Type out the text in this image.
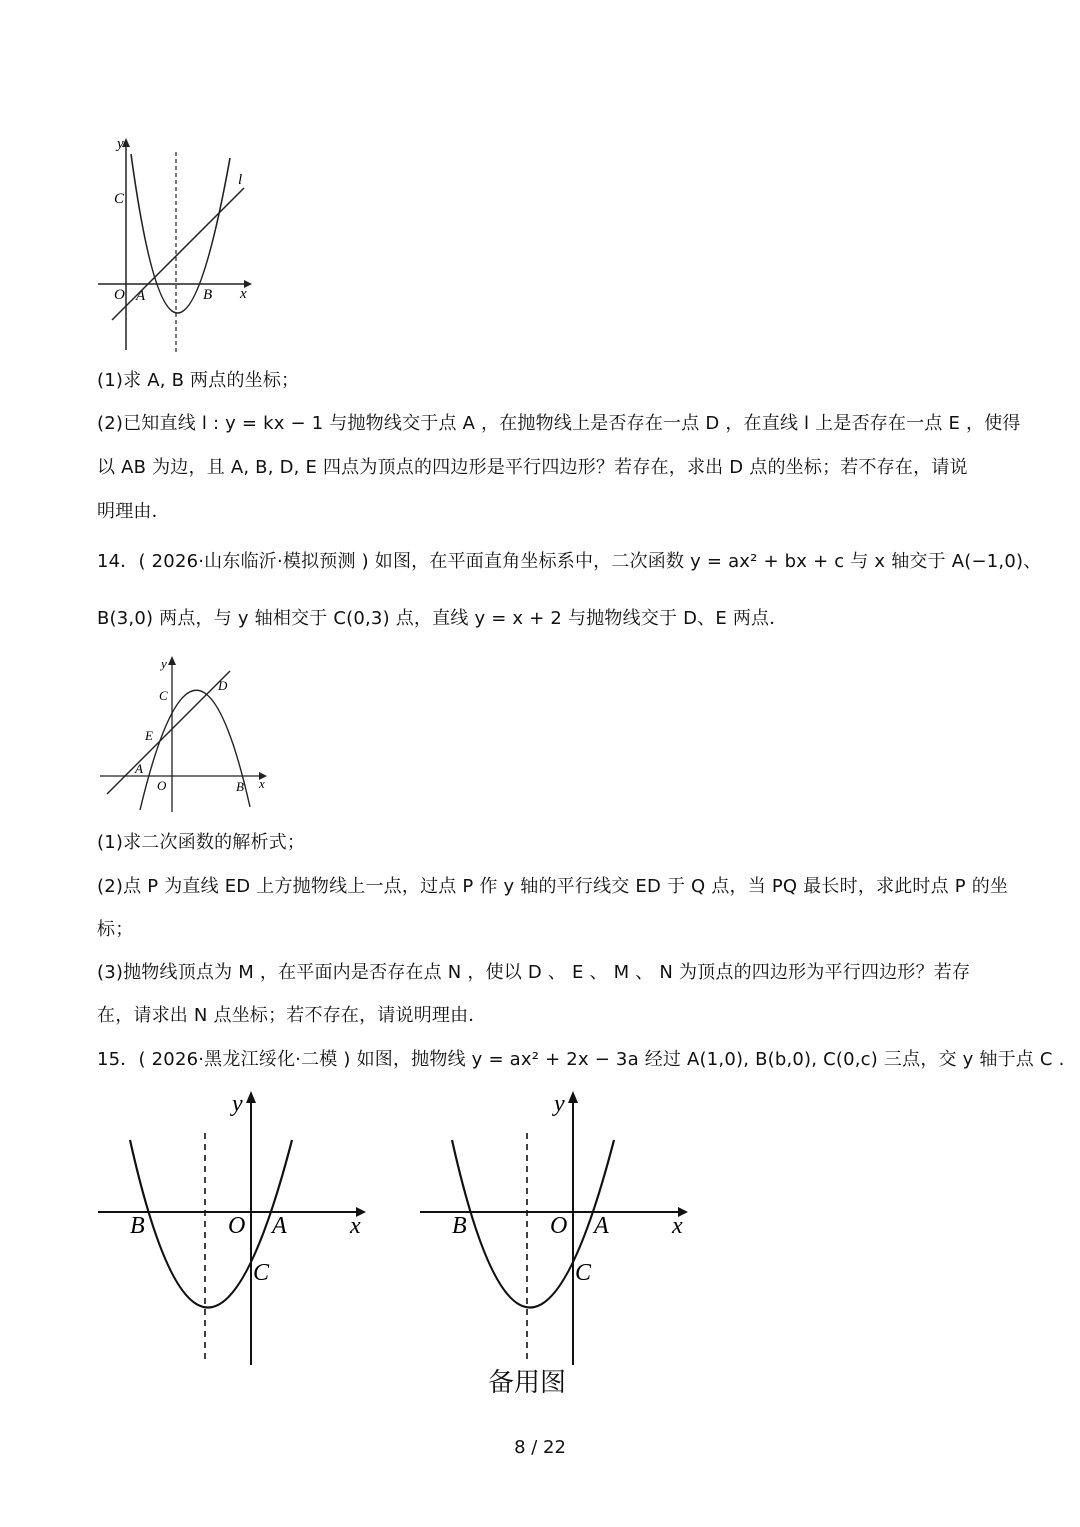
y
x
O A	B
C
l
(1)求 A, B 两点的坐标；
(2)已知直线 l : y = kx − 1 与抛物线交于点 A ，在抛物线上是否存在一点 D ，在直线 l 上是否存在一点 E ，使得
以 AB 为边，且 A, B, D, E 四点为顶点的四边形是平行四边形？若存在，求出 D 点的坐标；若不存在，请说
明理由．
14．( 2026·山东临沂·模拟预测 ) 如图，在平面直角坐标系中，二次函数 y = ax² + bx + c 与 x 轴交于 A(−1,0)、
B(3,0) 两点，与 y 轴相交于 C(0,3) 点，直线 y = x + 2 与抛物线交于 D、E 两点．
y
x
O
A
B
C
D
E
(1)求二次函数的解析式；
(2)点 P 为直线 ED 上方抛物线上一点，过点 P 作 y 轴的平行线交 ED 于 Q 点，当 PQ 最长时，求此时点 P 的坐
标；
(3)抛物线顶点为 M ，在平面内是否存在点 N ，使以 D 、 E 、 M 、 N 为顶点的四边形为平行四边形？若存
在，请求出 N 点坐标；若不存在，请说明理由．
15．( 2026·黑龙江绥化·二模 ) 如图，抛物线 y = ax² + 2x − 3a 经过 A(1,0), B(b,0), C(0,c) 三点，交 y 轴于点 C .
y
x
B	O A
C
y
x
B	O A
C
备用图
8 / 22
